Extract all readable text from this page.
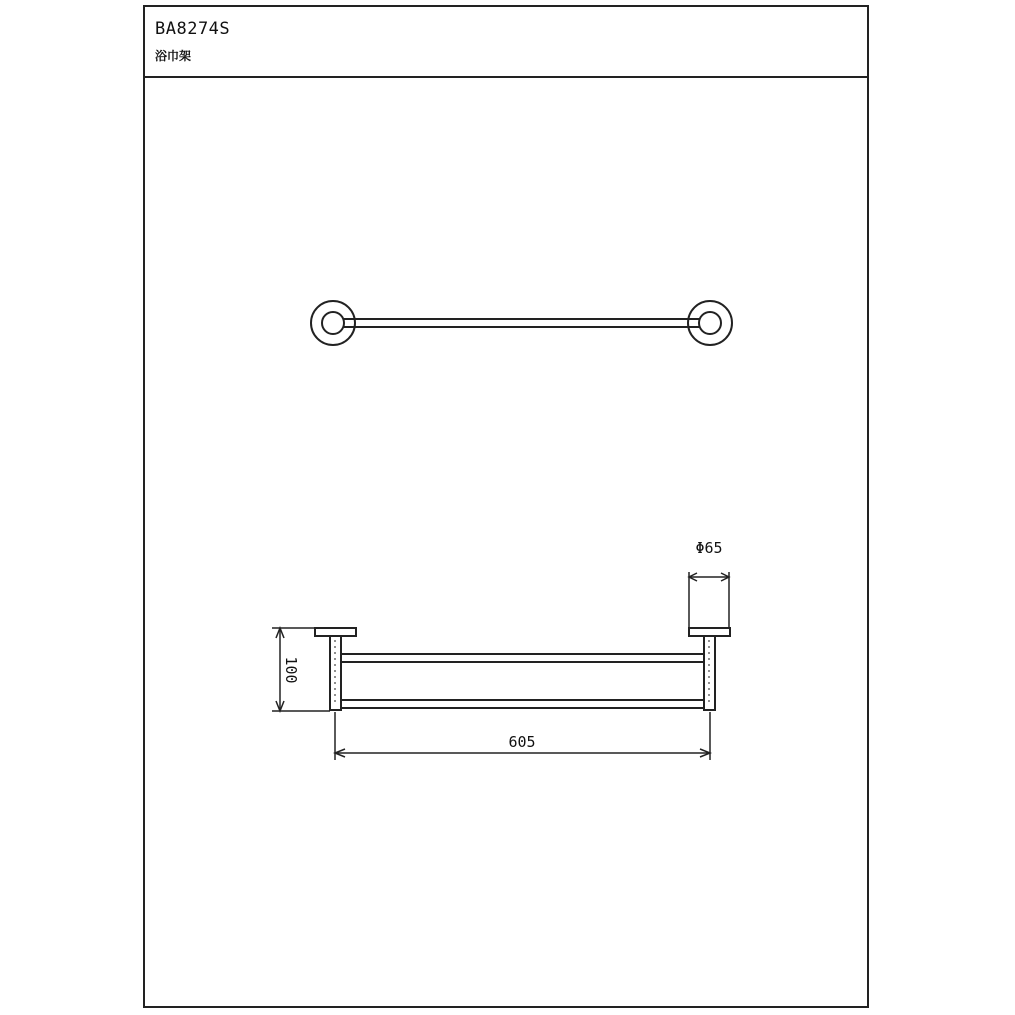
BA8274S
浴巾架
605
Φ65
100
